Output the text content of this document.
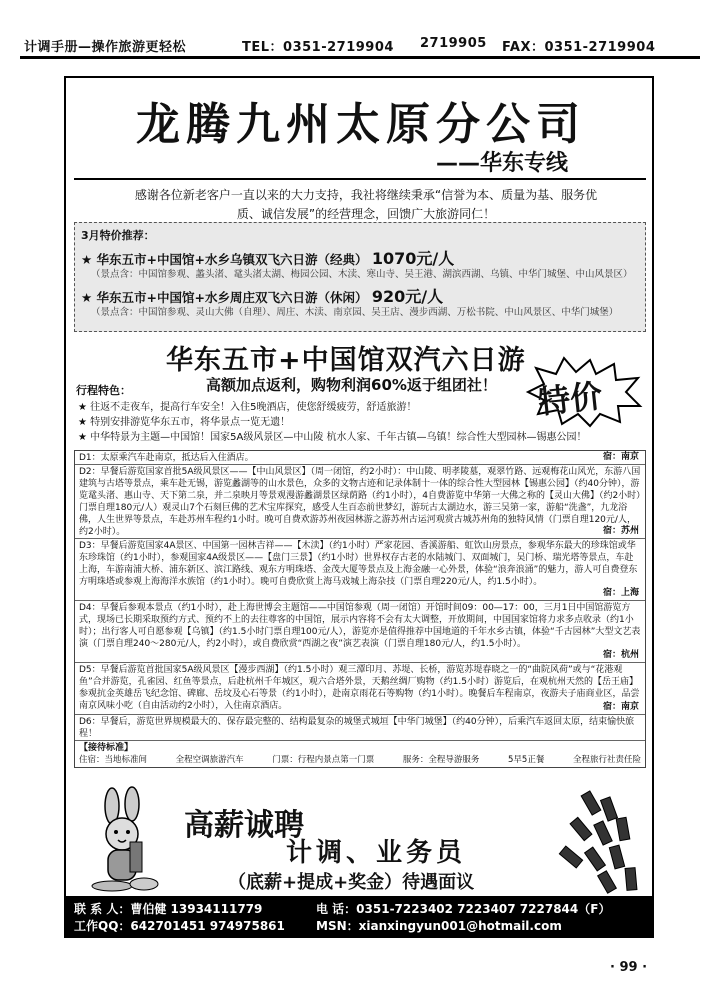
计调手册—操作旅游更轻松	TEL：0351-2719904 2719905 FAX：0351-2719904
龙腾九州太原分公司
——华东专线
感谢各位新老客户一直以来的大力支持，我社将继续秉承“信誉为本、质量为基、服务优质、诚信发展”的经营理念，回馈广大旅游同仁！
3月特价推荐：
★ 华东五市+中国馆+水乡乌镇双飞六日游（经典） 1070元/人
（景点含：中国馆参观、蠡头渚、鼋头渚太湖、梅园公园、木渎、寒山寺、吴王港、湖滨西湖、乌镇、中华门城堡、中山风景区）
★ 华东五市+中国馆+水乡周庄双飞六日游（休闲） 920元/人
（景点含：中国馆参观、灵山大佛（自理）、周庄、木渎、南京园、吴王店、漫步西湖、万松书院、中山风景区、中华门城堡）
华东五市+中国馆双汽六日游
行程特色：	高额加点返利，购物利润60%返于组团社！ 特价
★ 往返不走夜车，提高行车安全！入住5晚酒店，使您舒缓疲劳，舒适旅游！
★ 特别安排游览华东五市，将华景点一览无遗！
★ 中华特景为主题—中国馆！国家5A级风景区—中山陵 杭水人家、千年古镇—乌镇！综合性大型园林—锡惠公园！
D1：太原乘汽车赴南京，抵达后入住酒店。	宿：南京
D2：早餐后游览国家首批5A级风景区——【中山风景区】（周一闭馆，约2小时）：中山陵、明孝陵墓，观翠竹路、远观梅花山风光，东游八国建筑与古塔等景点，乘车赴无锡，游览蠡湖等的山水景色，众多的文物古迹和记录体制十一体的综合性大型园林【锡惠公园】（约40分钟），游览鼋头渚、惠山寺、天下第二泉，并二泉映月等景观漫游蠡湖景区绿荫路（约1小时），4自费游览中华第一大佛之称的【灵山大佛】（约2小时）门票自理180元/人）观灵山7个石刻巨佛的艺术宝库探究，感受人生百态前世梦幻，游玩古太湖边水，游三吴第一家，游船“洗盏”，九龙浴佛，人生世界等景点，车赴苏州车程约1小时。晚可自费欢游苏州夜园林游之游苏州古运河观赏古城苏州角的独特风情（门票自理120元/人，约2小时）。	宿：苏州
D3：早餐后游览国家4A景区、中国第一园林吉祥——【木渎】（约1小时）严家花园、香溪游船、虹饮山房景点，参观华东最大的珍珠馆或华东珍珠馆（约1小时），参观国家4A级景区——【盘门三景】（约1小时）世界权存古老的水陆城门、双面城门，吴门桥、瑞光塔等景点，车赴上海，车游南浦大桥、浦东新区、滨江路线、观东方明珠塔、金茂大厦等景点及上海金融一心外景，体验“浪奔浪涌”的魅力，游人可自费登东方明珠塔或参观上海海洋水族馆（约1小时）。晚可自费欣赏上海马戏城上海杂技（门票自理220元/人，约1.5小时）。
宿：上海
D4：早餐后参观本景点（约1小时），赴上海世博会主题馆——中国馆参观（周一闭馆）开馆时间09：00—17：00，三月1日中国馆游览方式，现场已长期采取预约方式、预约不上的去往尊客的中国馆，展示内容将不会有太大调整，开放期间，中国国家馆将力求多点收录（约1小时）；出行客人可自愿参观【乌镇】（约1.5小时门票自理100元/人），游览亦是值得推荐中国地道的千年水乡古镇，体验“千古园林”大型文艺表演（门票自理240～280元/人，约2小时），或自费欣赏“西湖之夜”演艺表演（门票自理180元/人，约1.5小时）。
宿：杭州
D5：早餐后游览首批国家5A级风景区【漫步西湖】（约1.5小时）观三潭印月、苏堤、长桥，游览苏堤春晓之一的“曲院风荷”或与“花港观鱼”合并游览，孔雀园、红鱼等景点，后赴杭州千年城区，观六合塔外景，天鹅丝绸厂购物（约1.5小时）游览后，在观杭州天然的【岳王庙】参观抗金英雄岳飞纪念馆、碑廊、岳坟及心石等景（约1小时），赴南京雨花石等购物（约1小时）。晚餐后车程南京，夜游夫子庙商业区，品尝南京风味小吃（自由活动约2小时），入住南京酒店。	宿：南京
D6：早餐后，游览世界规模最大的、保存最完整的、结构最复杂的城堡式城垣【中华门城堡】（约40分钟），后乘汽车返回太原，结束愉快旅程！
【接待标准】
住宿：当地标准间	全程空调旅游汽车	门票：行程内景点第一门票	服务：全程导游服务	5早5正餐	全程旅行社责任险
高薪诚聘
计调、业务员
（底薪+提成+奖金）待遇面议
联 系 人：曹伯健 13934111779	电 话：0351-7223402 7223407 7227844（F）
工作QQ：642701451 974975861	MSN：xianxingyun001@hotmail.com
· 99 ·
